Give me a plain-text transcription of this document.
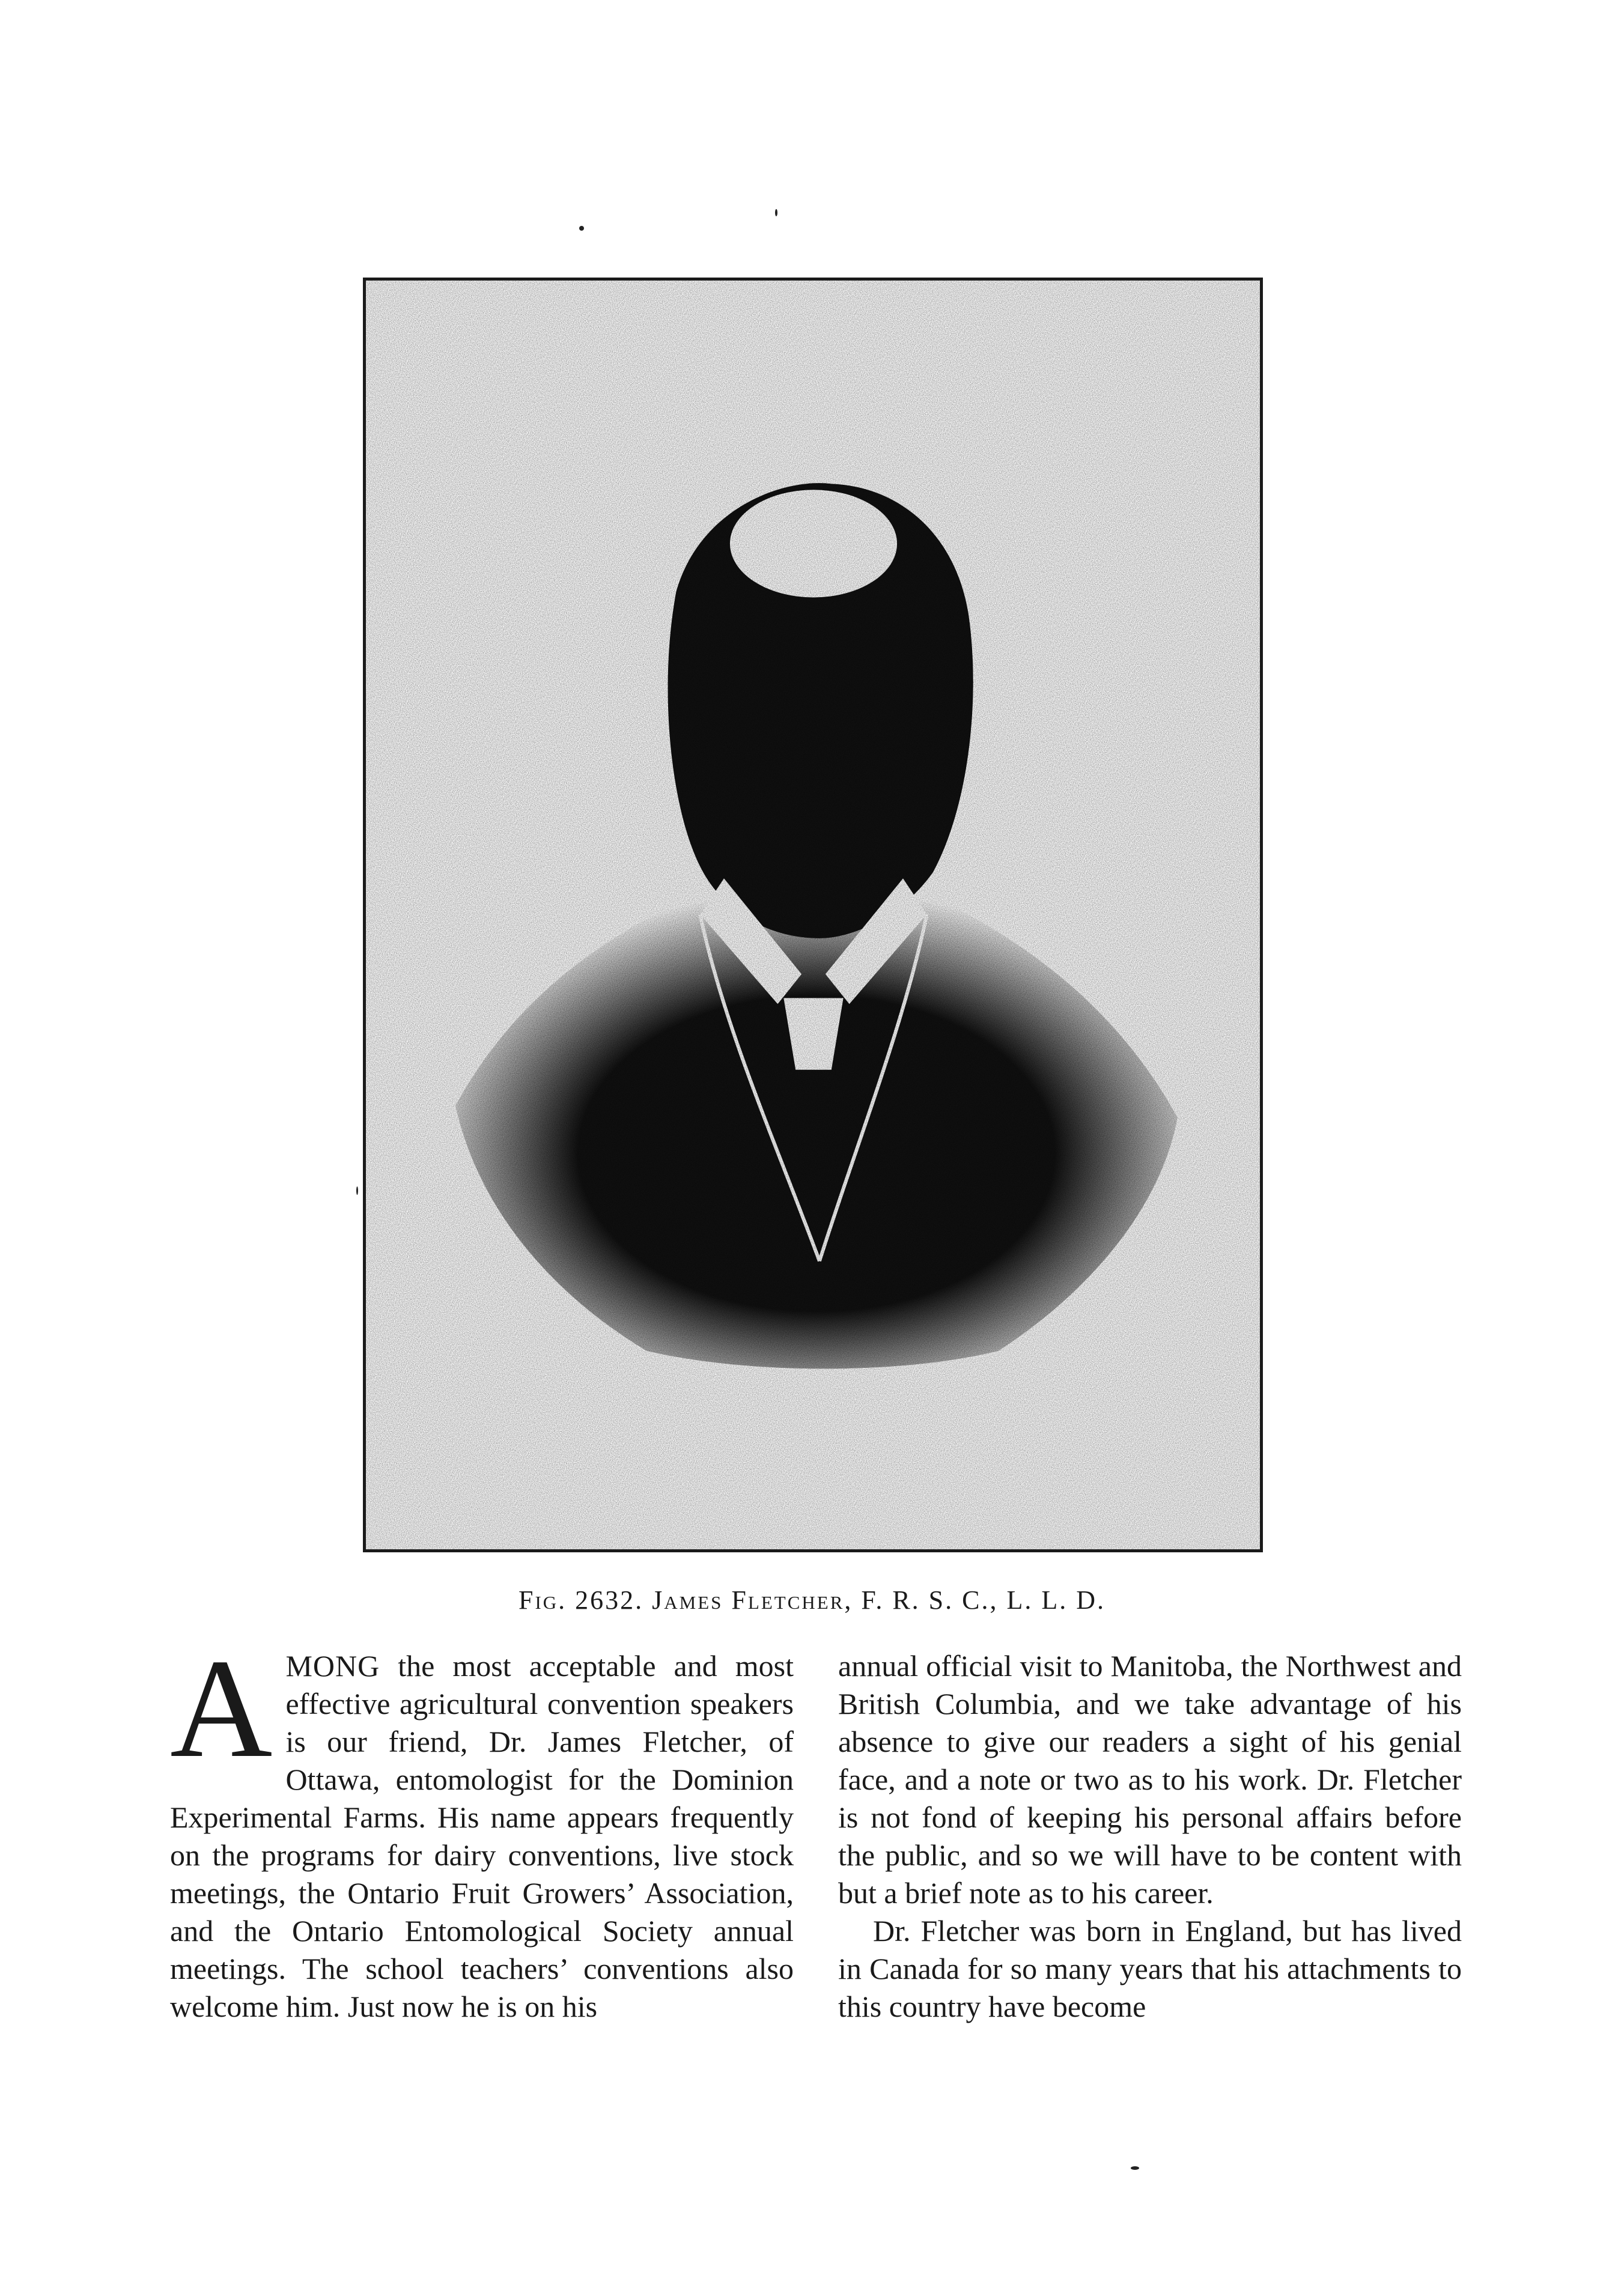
Fig. 2632. James Fletcher, F. R. S. C., L. L. D.

AMONG the most acceptable and most effective agricultural convention speakers is our friend, Dr. James Fletcher, of Ottawa, entomologist for the Dominion Experimental Farms. His name appears frequently on the programs for dairy conventions, live stock meetings, the Ontario Fruit Growers’ Association, and the Ontario Entomological Society annual meetings. The school teachers’ conventions also welcome him. Just now he is on his

annual official visit to Manitoba, the Northwest and British Columbia, and we take advantage of his absence to give our readers a sight of his genial face, and a note or two as to his work. Dr. Fletcher is not fond of keeping his personal affairs before the public, and so we will have to be content with but a brief note as to his career.

Dr. Fletcher was born in England, but has lived in Canada for so many years that his attachments to this country have become
